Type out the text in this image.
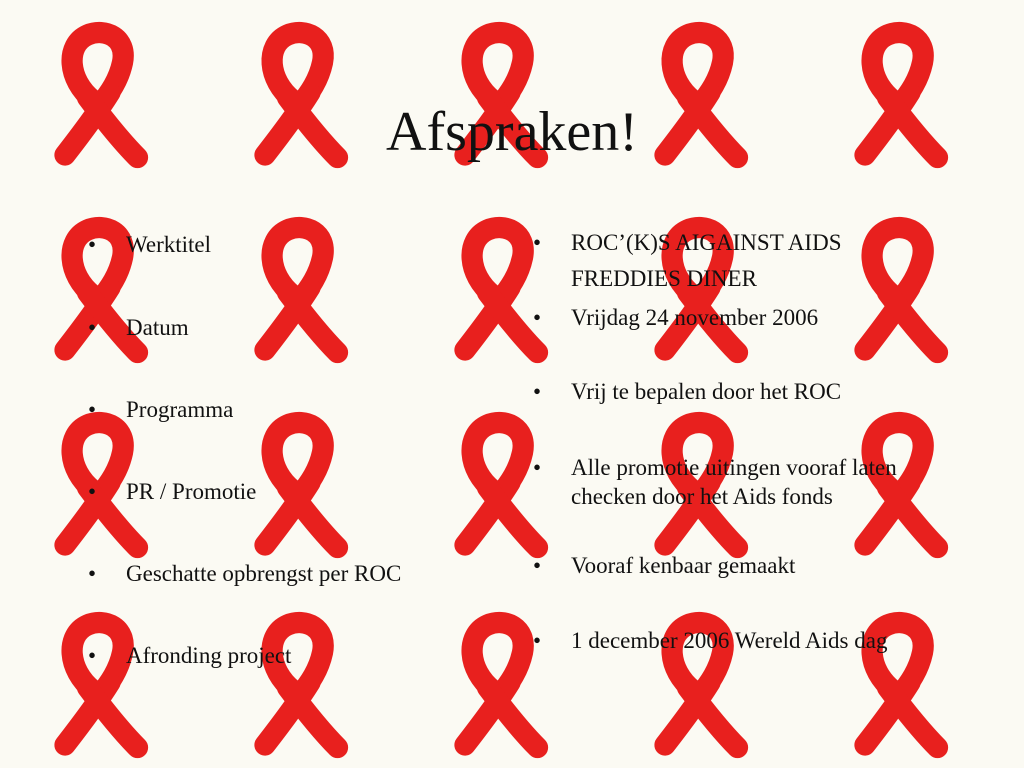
Afspraken!
•	Werktitel
•	Datum
•	Programma
•	PR / Promotie
•	Geschatte opbrengst per ROC
•	Afronding project
•	ROC’(K)S AIGAINST AIDS
FREDDIES DINER
•	Vrijdag 24 november 2006
•	Vrij te bepalen door het ROC
•	Alle promotie uitingen vooraf laten checken door het Aids fonds
•	Vooraf kenbaar gemaakt
•	1 december 2006 Wereld Aids dag
